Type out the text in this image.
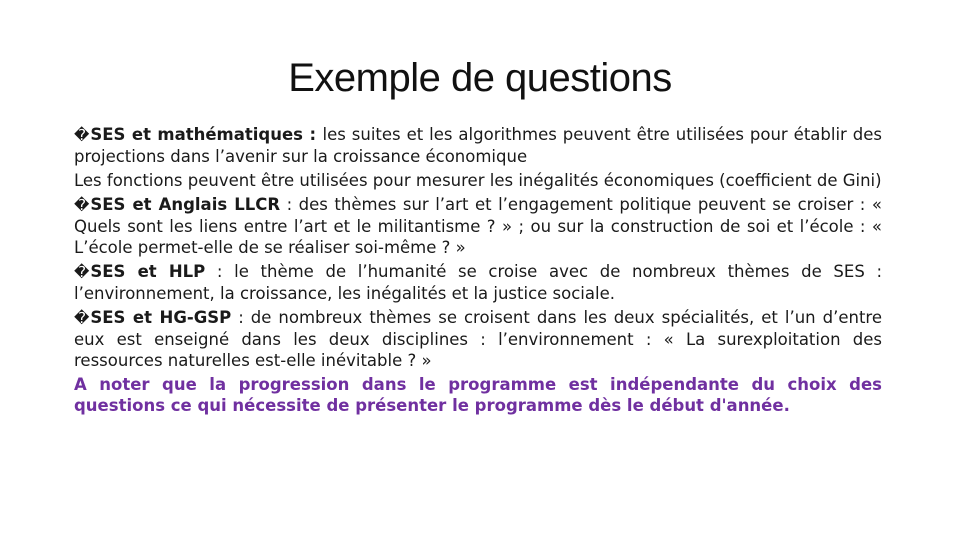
Exemple de questions

�SES et mathématiques : les suites et les algorithmes peuvent être utilisées pour établir des projections dans l’avenir sur la croissance économique

Les fonctions peuvent être utilisées pour mesurer les inégalités économiques (coefficient de Gini)

�SES et Anglais LLCR : des thèmes sur l’art et l’engagement politique peuvent se croiser : « Quels sont les liens entre l’art et le militantisme ? » ; ou sur la construction de soi et l’école : « L’école permet-elle de se réaliser soi-même ? »

�SES et HLP : le thème de l’humanité se croise avec de nombreux thèmes de SES : l’environnement, la croissance, les inégalités et la justice sociale.

�SES et HG-GSP : de nombreux thèmes se croisent dans les deux spécialités, et l’un d’entre eux est enseigné dans les deux disciplines : l’environnement : « La surexploitation des ressources naturelles est-elle inévitable ? »

A noter que la progression dans le programme est indépendante du choix des questions ce qui nécessite de présenter le programme dès le début d'année.
